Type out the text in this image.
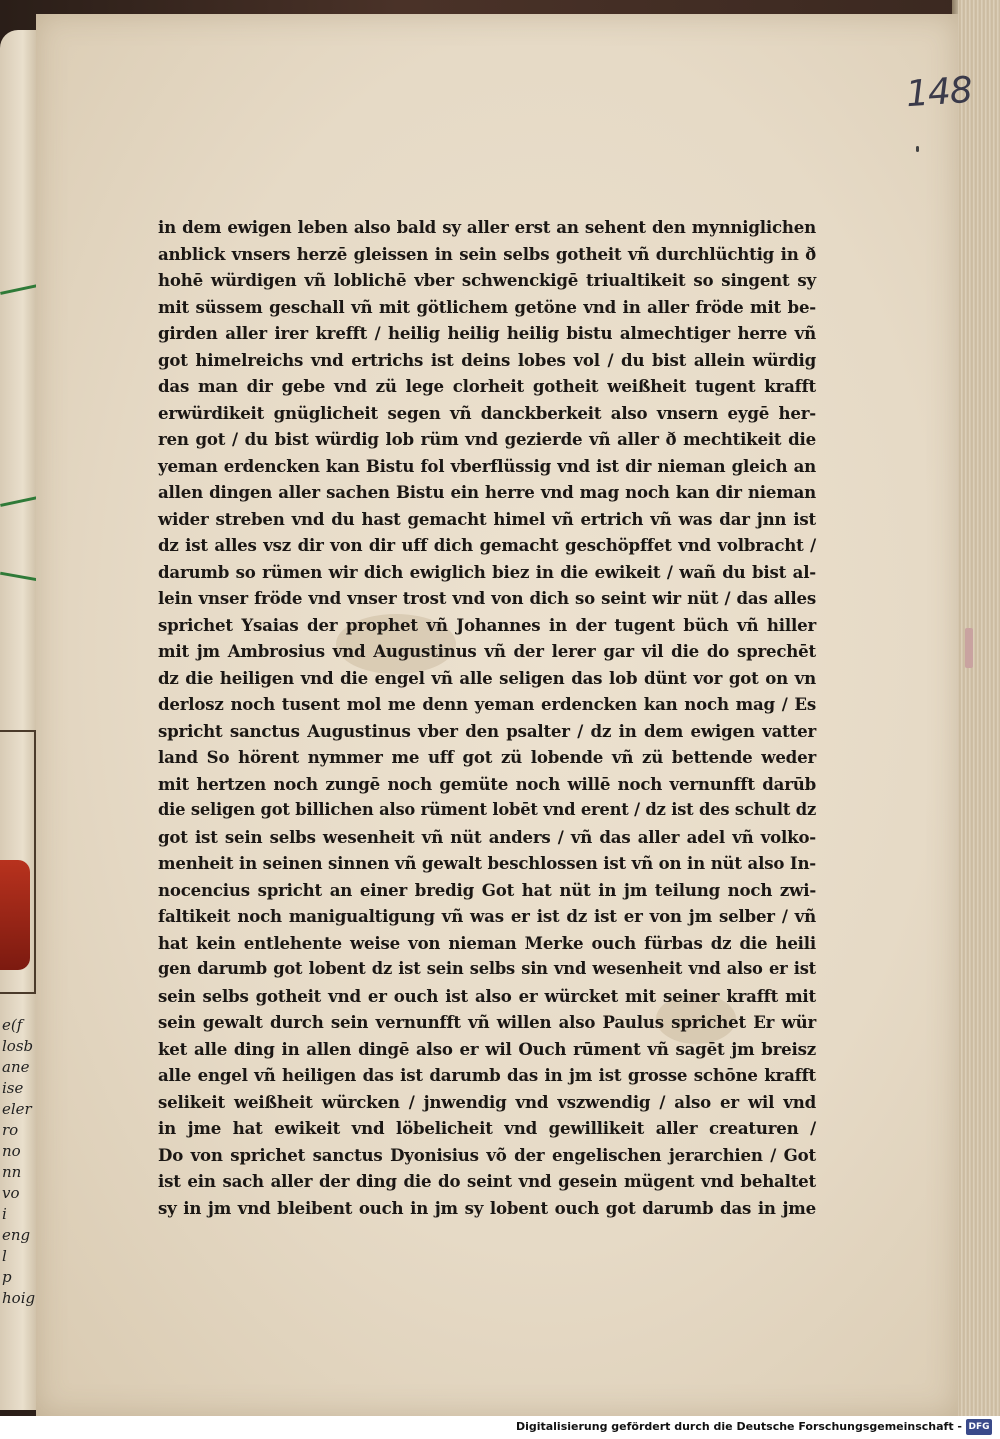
e(f
losb
ane
ise
eler
ro
no
nn
vo
i
eng
l
p
hoig
148
in dem ewigen leben also bald sy aller erst an sehent den mynniglichen
anblick vnsers herzē gleissen in sein selbs gotheit vñ durchlüchtig in ð
hohē würdigen vñ loblichē vber schwenckigē triualtikeit so singent sy
mit süssem geschall vñ mit götlichem getöne vnd in aller fröde mit be-
girden aller irer krefft / heilig heilig heilig bistu almechtiger herre vñ
got himelreichs vnd ertrichs ist deins lobes vol / du bist allein würdig
das man dir gebe vnd zü lege clorheit gotheit weißheit tugent krafft
erwürdikeit gnüglicheit segen vñ danckberkeit also vnsern eygē her-
ren got / du bist würdig lob rüm vnd gezierde vñ aller ð mechtikeit die
yeman erdencken kan Bistu fol vberflüssig vnd ist dir nieman gleich an
allen dingen aller sachen Bistu ein herre vnd mag noch kan dir nieman
wider streben vnd du hast gemacht himel vñ ertrich vñ was dar jnn ist
dz ist alles vsz dir von dir uff dich gemacht geschöpffet vnd volbracht /
darumb so rümen wir dich ewiglich biez in die ewikeit / wañ du bist al-
lein vnser fröde vnd vnser trost vnd von dich so seint wir nüt / das alles
sprichet Ysaias der prophet vñ Johannes in der tugent büch vñ hiller
mit jm Ambrosius vnd Augustinus vñ der lerer gar vil die do sprechēt
dz die heiligen vnd die engel vñ alle seligen das lob dünt vor got on vn
derlosz noch tusent mol me denn yeman erdencken kan noch mag / Es
spricht sanctus Augustinus vber den psalter / dz in dem ewigen vatter
land So hörent nymmer me uff got zü lobende vñ zü bettende weder
mit hertzen noch zungē noch gemüte noch willē noch vernunfft darūb
die seligen got billichen also rüment lobēt vnd erent / dz ist des schult dz
got ist sein selbs wesenheit vñ nüt anders / vñ das aller adel vñ volko-
menheit in seinen sinnen vñ gewalt beschlossen ist vñ on in nüt also In-
nocencius spricht an einer bredig Got hat nüt in jm teilung noch zwi-
faltikeit noch manigualtigung vñ was er ist dz ist er von jm selber / vñ
hat kein entlehente weise von nieman Merke ouch fürbas dz die heili
gen darumb got lobent dz ist sein selbs sin vnd wesenheit vnd also er ist
sein selbs gotheit vnd er ouch ist also er würcket mit seiner krafft mit
sein gewalt durch sein vernunfft vñ willen also Paulus sprichet Er wür
ket alle ding in allen dingē also er wil Ouch rūment vñ sagēt jm breisz
alle engel vñ heiligen das ist darumb das in jm ist grosse schōne krafft
selikeit weißheit würcken / jnwendig vnd vszwendig / also er wil vnd
in jme hat ewikeit vnd löbelicheit vnd gewillikeit aller creaturen /
Do von sprichet sanctus Dyonisius võ der engelischen jerarchien / Got
ist ein sach aller der ding die do seint vnd gesein mügent vnd behaltet
sy in jm vnd bleibent ouch in jm sy lobent ouch got darumb das in jme
Digitalisierung gefördert durch die Deutsche Forschungsgemeinschaft - DFG
